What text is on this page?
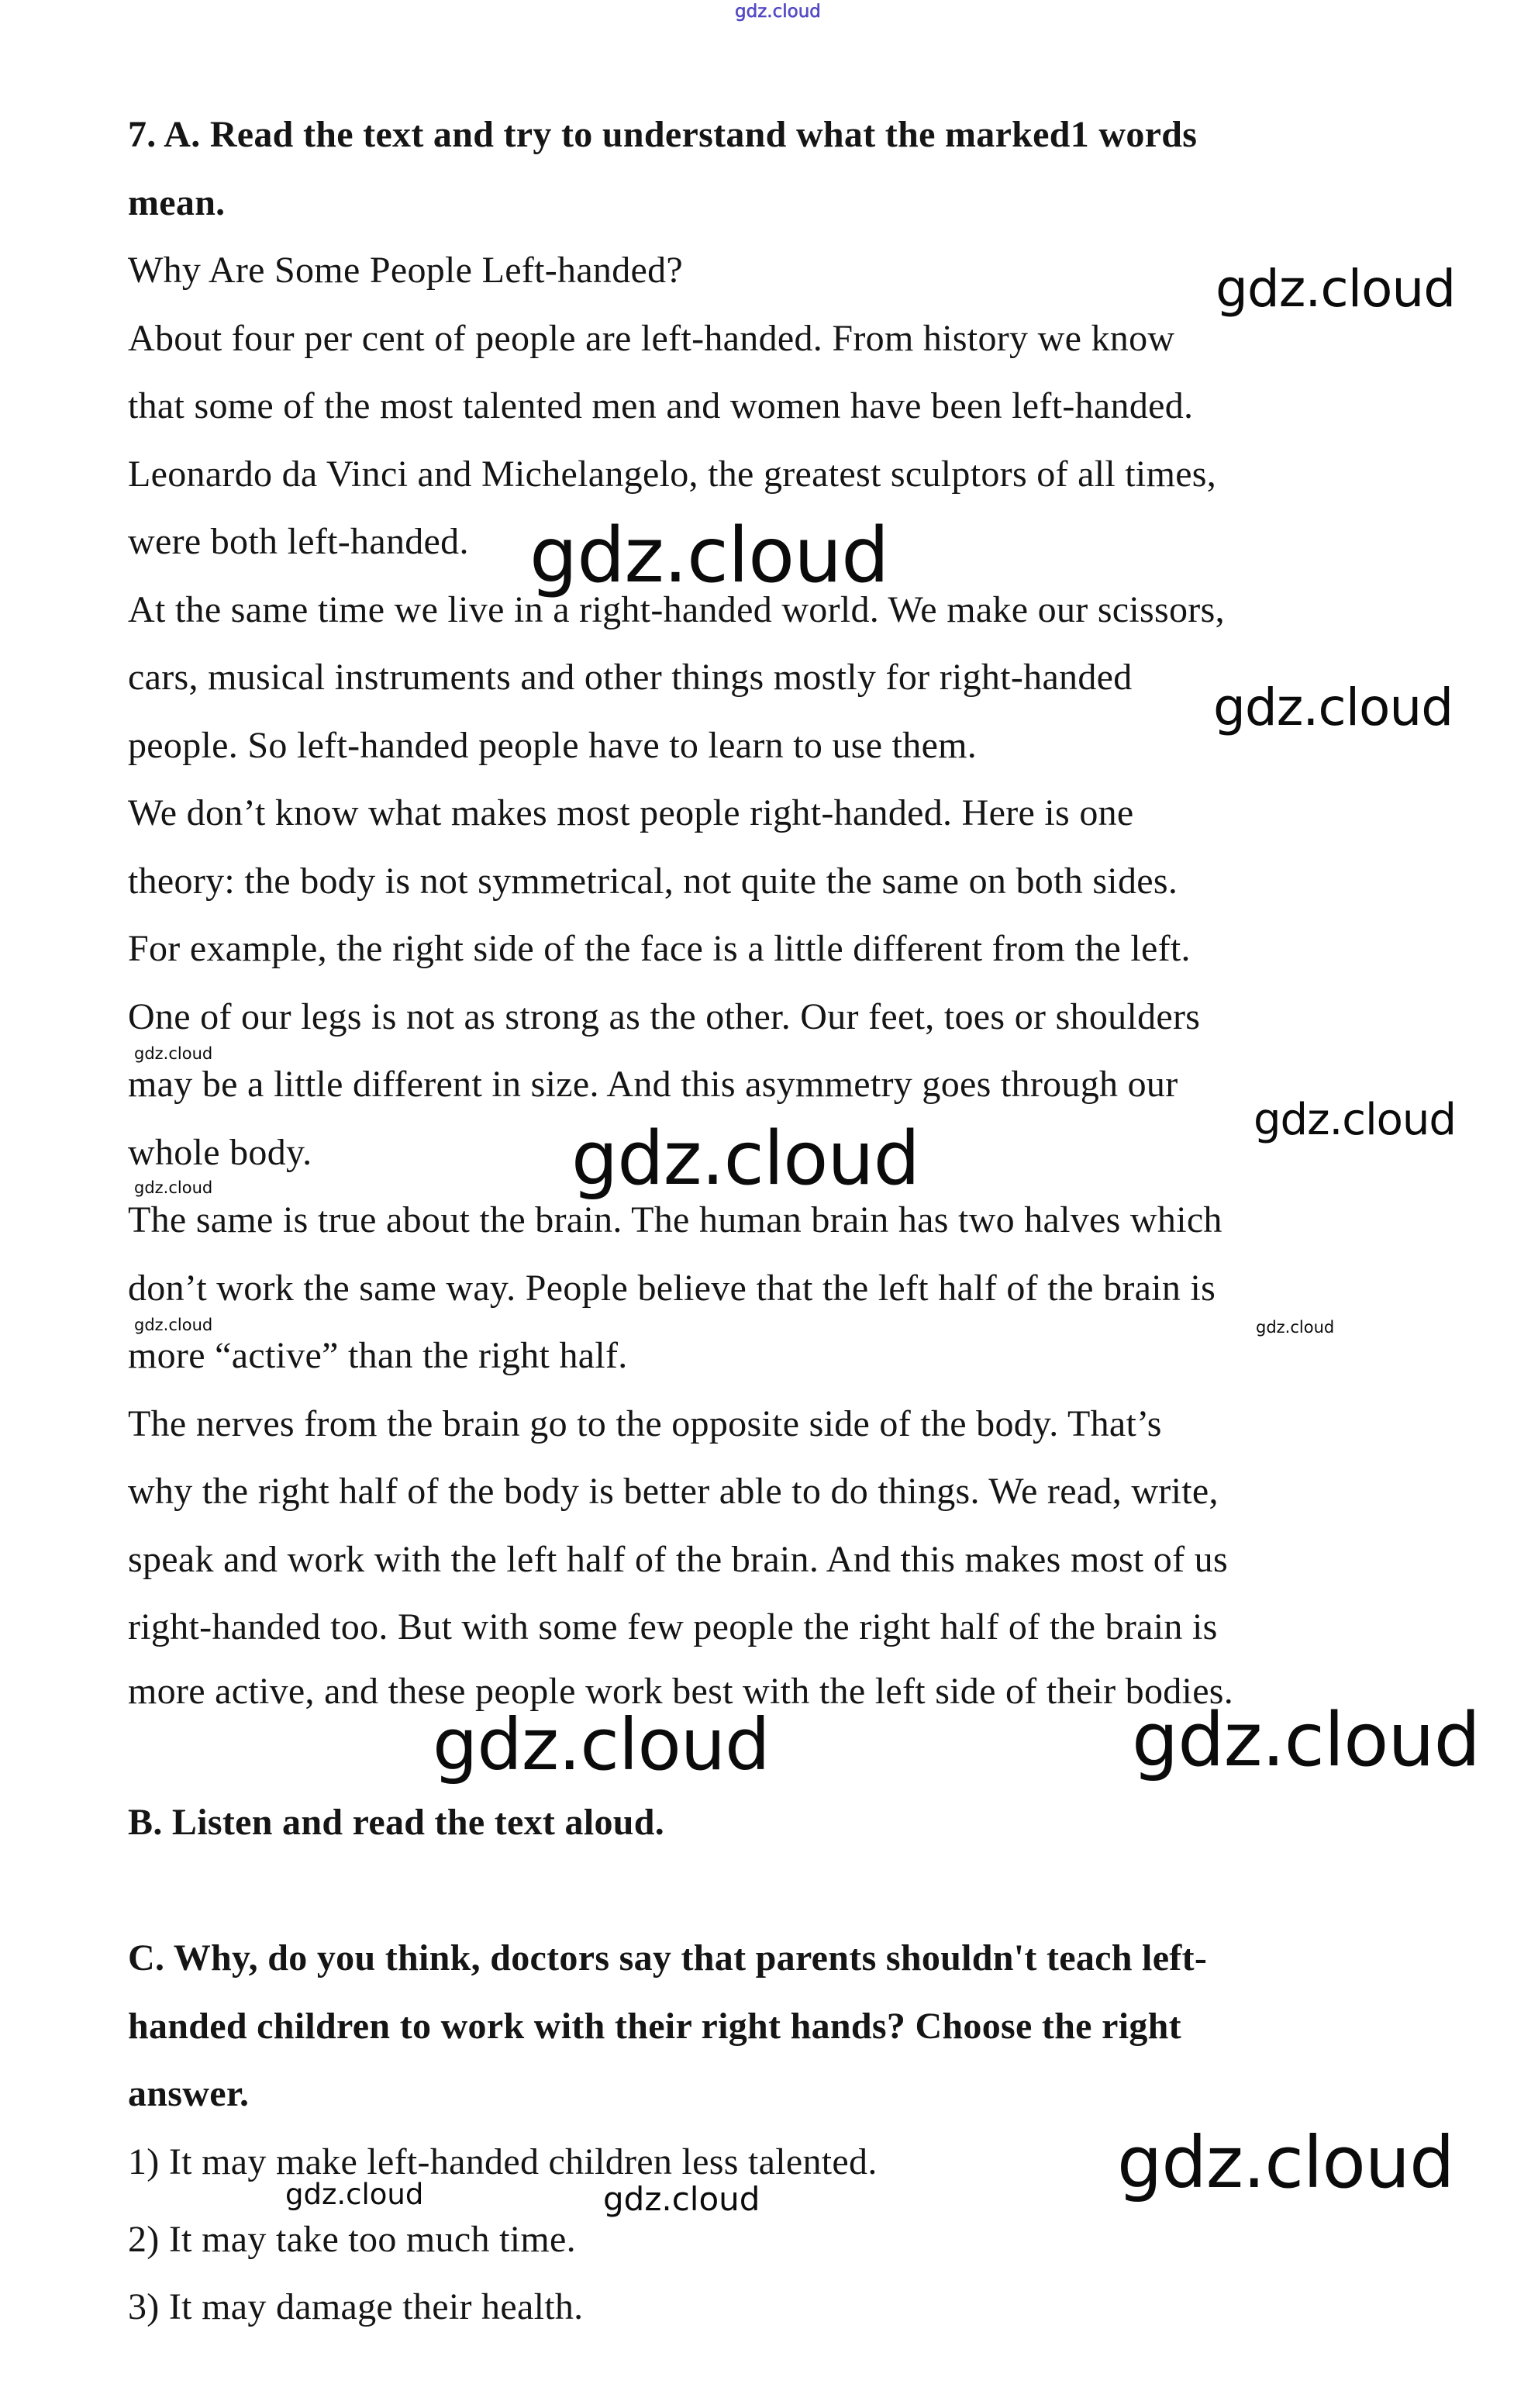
gdz.cloud
gdz.cloud
gdz.cloud
gdz.cloud
gdz.cloud
gdz.cloud
gdz.cloud
gdz.cloud
gdz.cloud	gdz.cloud
gdz.cloud	gdz.cloud
gdz.cloud
gdz.cloud	gdz.cloud
7. A. Read the text and try to understand what the marked1 words
mean.
Why Are Some People Left-handed?
About four per cent of people are left-handed. From history we know
that some of the most talented men and women have been left-handed.
Leonardo da Vinci and Michelangelo, the greatest sculptors of all times,
were both left-handed.
At the same time we live in a right-handed world. We make our scissors,
cars, musical instruments and other things mostly for right-handed
people. So left-handed people have to learn to use them.
We don’t know what makes most people right-handed. Here is one
theory: the body is not symmetrical, not quite the same on both sides.
For example, the right side of the face is a little different from the left.
One of our legs is not as strong as the other. Our feet, toes or shoulders
may be a little different in size. And this asymmetry goes through our
whole body.
The same is true about the brain. The human brain has two halves which
don’t work the same way. People believe that the left half of the brain is
more “active” than the right half.
The nerves from the brain go to the opposite side of the body. That’s
why the right half of the body is better able to do things. We read, write,
speak and work with the left half of the brain. And this makes most of us
right-handed too. But with some few people the right half of the brain is
more active, and these people work best with the left side of their bodies.
B. Listen and read the text aloud.
C. Why, do you think, doctors say that parents shouldn't teach left-
handed children to work with their right hands? Choose the right
answer.
1) It may make left-handed children less talented.
2) It may take too much time.
3) It may damage their health.
